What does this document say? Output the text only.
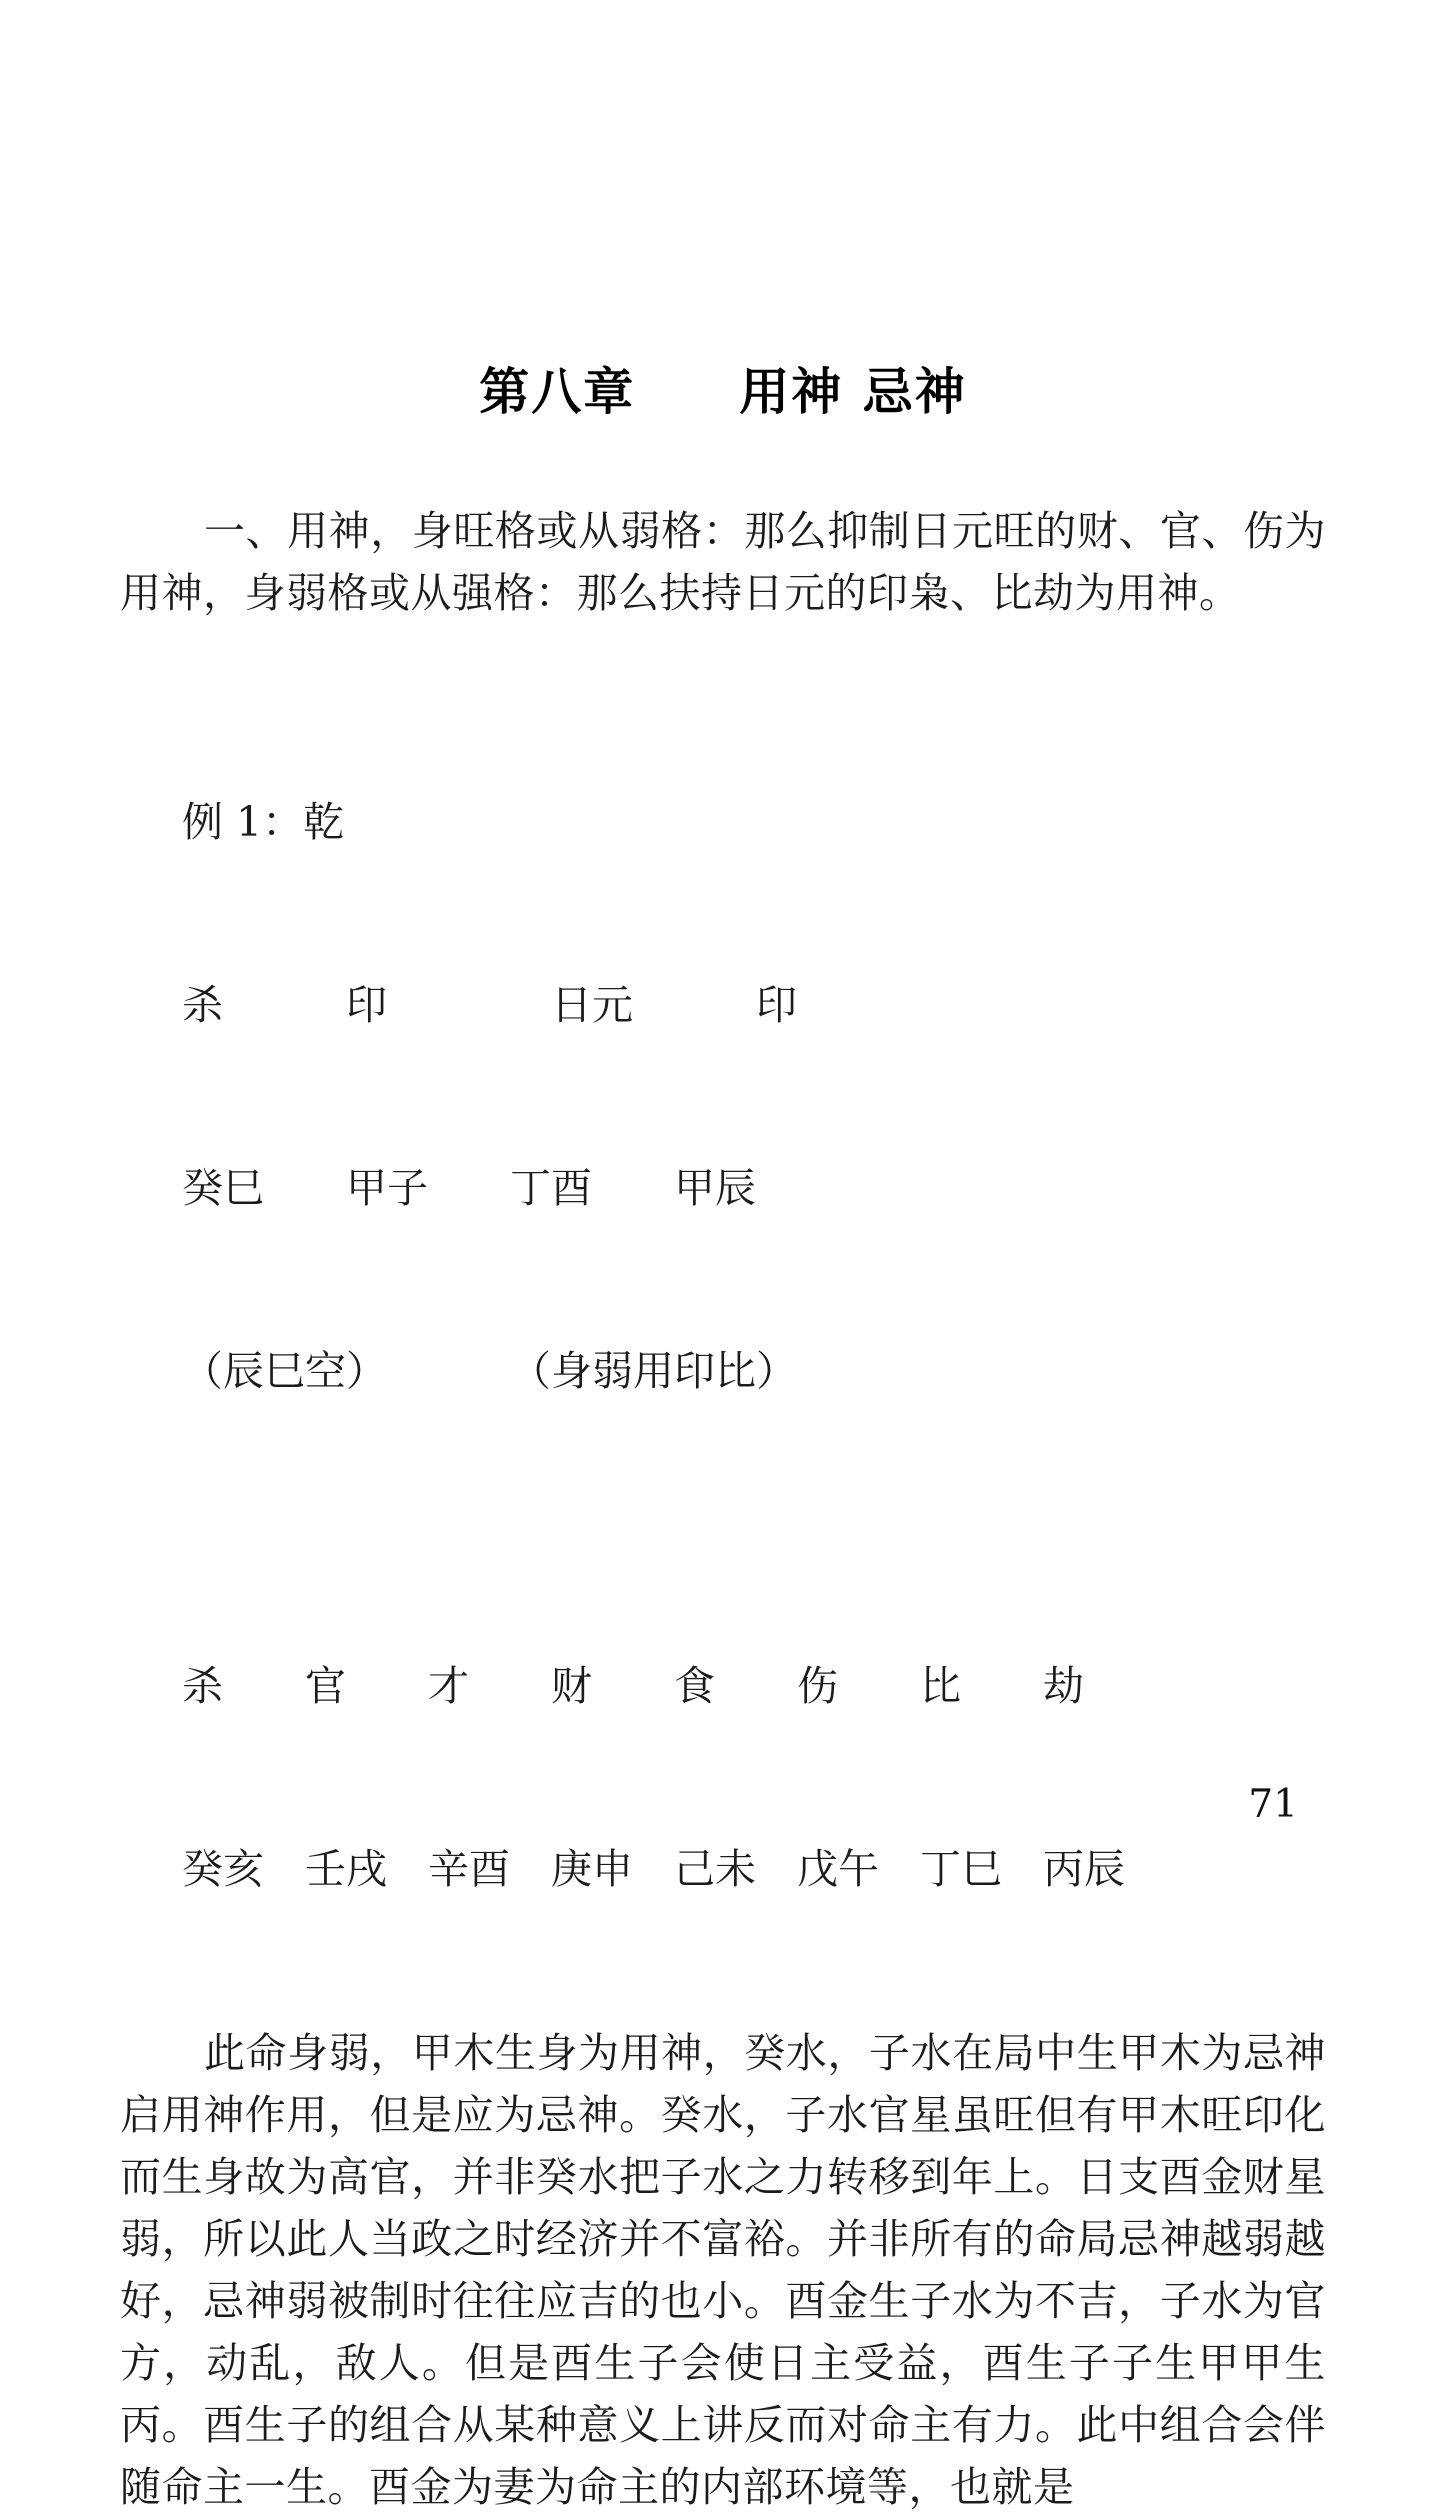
第八章　　用神 忌神

一、用神，身旺格或从弱格：那么抑制日元旺的财、官、伤为用神，身弱格或从强格：那么扶持日元的印枭、比劫为用神。

例 1：乾

杀　　　印　　　　日元　　　印

癸巳　　甲子　　丁酉　　甲辰

（辰巳空）　　　　（身弱用印比）

杀　　官　　才　　财　　食　　伤　　比　　劫

癸亥　壬戌　辛酉　庚申　己未　戊午　丁巳　丙辰

此命身弱，甲木生身为用神，癸水，子水在局中生甲木为忌神启用神作用，但是应为忌神。癸水，子水官星虽旺但有甲木旺印化而生身故为高官，并非癸水把子水之力转移到年上。日支酉金财星弱，所以此人当政之时经济并不富裕。并非所有的命局忌神越弱越好，忌神弱被制时往往应吉的也小。酉金生子水为不吉，子水为官方，动乱，敌人。但是酉生子会使日主受益，酉生子子生甲甲生丙。酉生子的组合从某种意义上讲反而对命主有力。此中组合会伴随命主一生。酉金为妻为命主的内部环境等，也就是

71
